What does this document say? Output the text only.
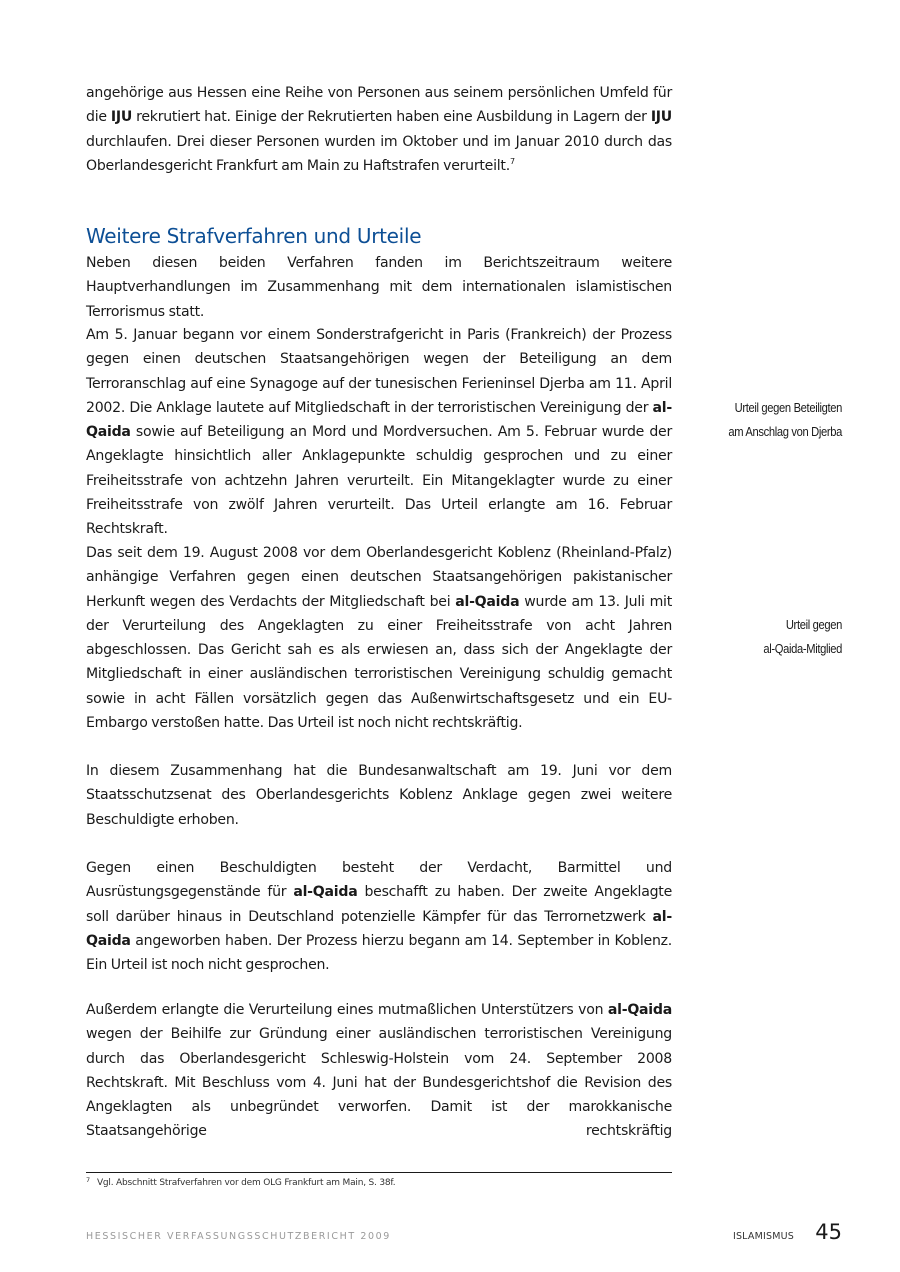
angehörige aus Hessen eine Reihe von Personen aus seinem persönlichen Umfeld für die IJU rekrutiert hat. Einige der Rekrutierten haben eine Ausbildung in Lagern der IJU durchlaufen. Drei dieser Personen wurden im Oktober und im Januar 2010 durch das Oberlandesgericht Frankfurt am Main zu Haftstrafen verurteilt.$^7$

Weitere Strafverfahren und Urteile

Neben diesen beiden Verfahren fanden im Berichtszeitraum weitere Hauptverhandlungen im Zusammenhang mit dem internationalen islamistischen Terrorismus statt.

Am 5. Januar begann vor einem Sonderstrafgericht in Paris (Frankreich) der Prozess gegen einen deutschen Staatsangehörigen wegen der Beteiligung an dem Terroranschlag auf eine Synagoge auf der tunesischen Ferieninsel Djerba am 11. April 2002. Die Anklage lautete auf Mitgliedschaft in der terroristischen Vereinigung der al-Qaida sowie auf Beteiligung an Mord und Mordversuchen. Am 5. Februar wurde der Angeklagte hinsichtlich aller Anklagepunkte schuldig gesprochen und zu einer Freiheitsstrafe von achtzehn Jahren verurteilt. Ein Mitangeklagter wurde zu einer Freiheitsstrafe von zwölf Jahren verurteilt. Das Urteil erlangte am 16. Februar Rechtskraft.

Das seit dem 19. August 2008 vor dem Oberlandesgericht Koblenz (Rheinland-Pfalz) anhängige Verfahren gegen einen deutschen Staatsangehörigen pakistanischer Herkunft wegen des Verdachts der Mitgliedschaft bei al-Qaida wurde am 13. Juli mit der Verurteilung des Angeklagten zu einer Freiheitsstrafe von acht Jahren abgeschlossen. Das Gericht sah es als erwiesen an, dass sich der Angeklagte der Mitgliedschaft in einer ausländischen terroristischen Vereinigung schuldig gemacht sowie in acht Fällen vorsätzlich gegen das Außenwirtschaftsgesetz und ein EU-Embargo verstoßen hatte. Das Urteil ist noch nicht rechtskräftig.

In diesem Zusammenhang hat die Bundesanwaltschaft am 19. Juni vor dem Staatsschutzsenat des Oberlandesgerichts Koblenz Anklage gegen zwei weitere Beschuldigte erhoben.

Gegen einen Beschuldigten besteht der Verdacht, Barmittel und Ausrüstungsgegenstände für al-Qaida beschafft zu haben. Der zweite Angeklagte soll darüber hinaus in Deutschland potenzielle Kämpfer für das Terrornetzwerk al-Qaida angeworben haben. Der Prozess hierzu begann am 14. September in Koblenz. Ein Urteil ist noch nicht gesprochen.

Außerdem erlangte die Verurteilung eines mutmaßlichen Unterstützers von al-Qaida wegen der Beihilfe zur Gründung einer ausländischen terroristischen Vereinigung durch das Oberlandesgericht Schleswig-Holstein vom 24. September 2008 Rechtskraft. Mit Beschluss vom 4. Juni hat der Bundesgerichtshof die Revision des Angeklagten als unbegründet verworfen. Damit ist der marokkanische Staatsangehörige rechtskräftig

Urteil gegen Beteiligten
am Anschlag von Djerba
Urteil gegen
al-Qaida-Mitglied
$^7$ Vgl. Abschnitt Strafverfahren vor dem OLG Frankfurt am Main, S. 38f.
HESSISCHER VERFASSUNGSSCHUTZBERICHT 2009	ISLAMISMUS 45
